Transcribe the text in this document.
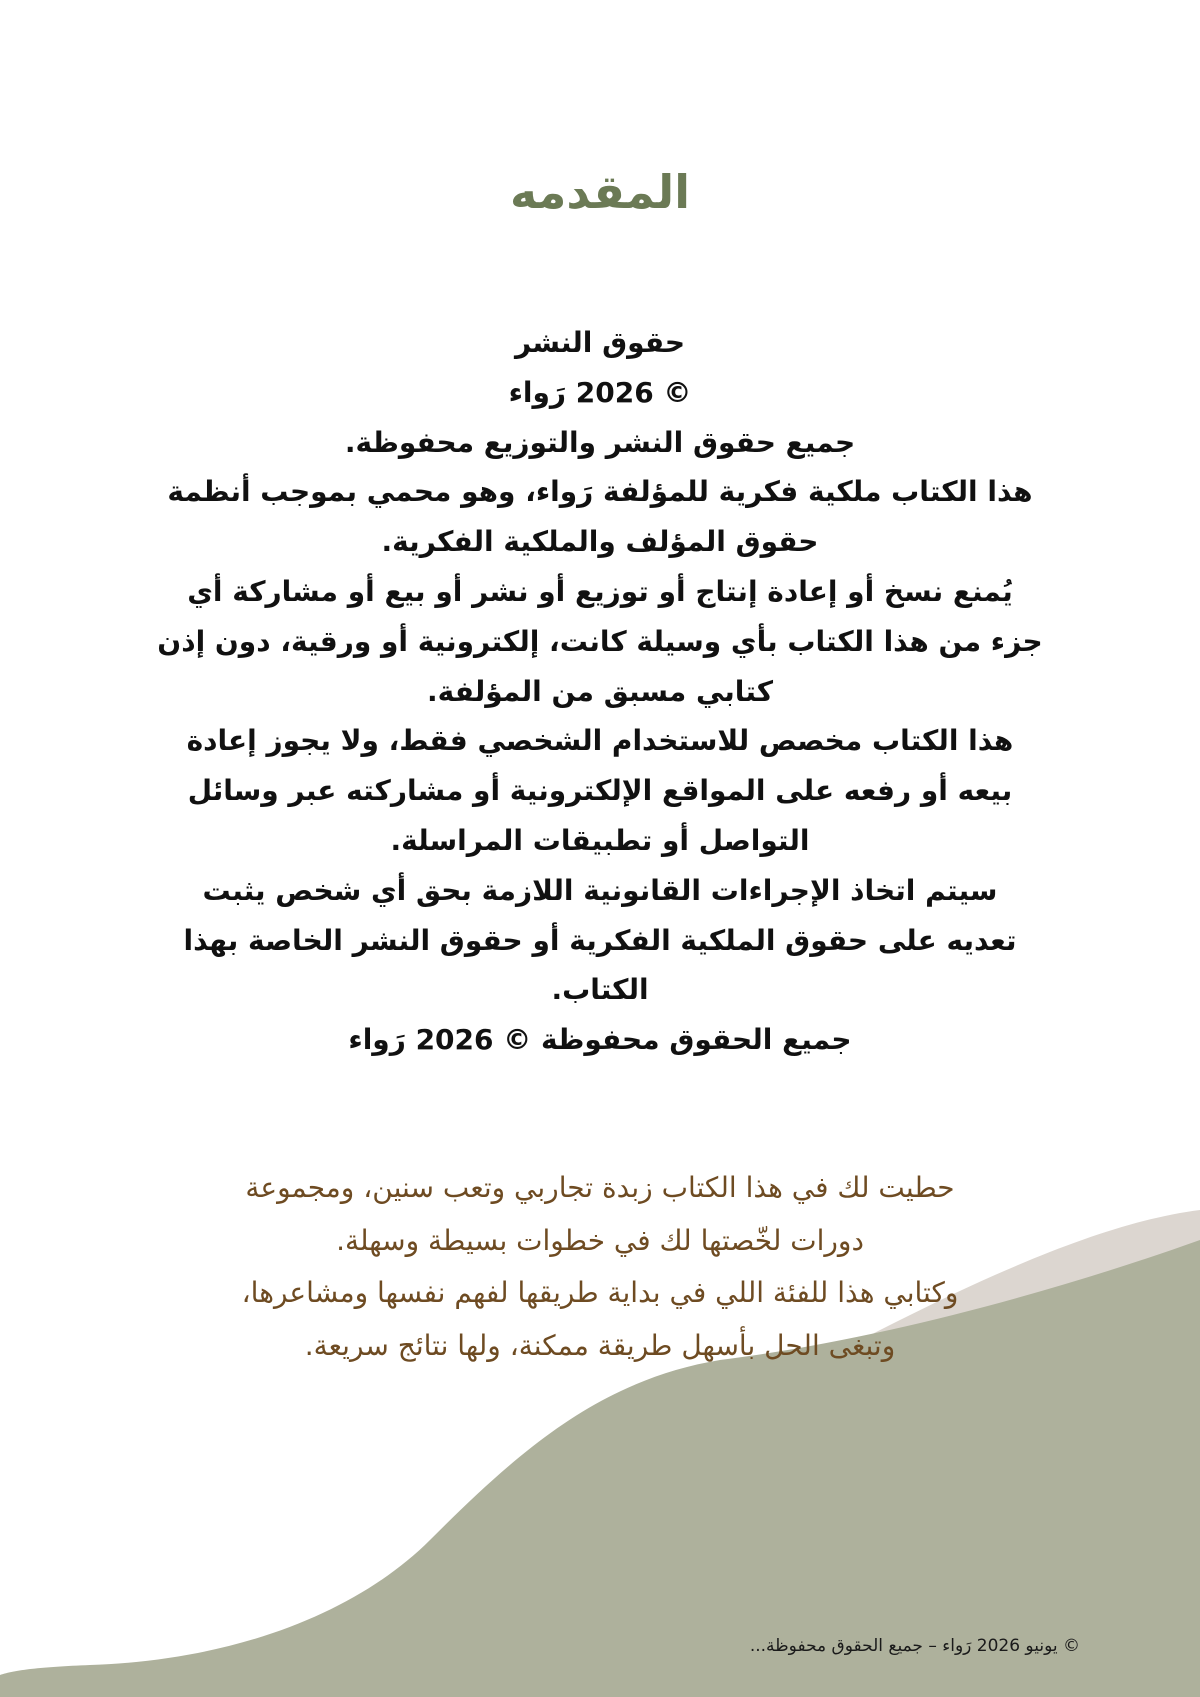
المقدمه
حقوق النشر
© 2026 رَواء
جميع حقوق النشر والتوزيع محفوظة.
هذا الكتاب ملكية فكرية للمؤلفة رَواء، وهو محمي بموجب أنظمة
حقوق المؤلف والملكية الفكرية.
يُمنع نسخ أو إعادة إنتاج أو توزيع أو نشر أو بيع أو مشاركة أي
جزء من هذا الكتاب بأي وسيلة كانت، إلكترونية أو ورقية، دون إذن
كتابي مسبق من المؤلفة.
هذا الكتاب مخصص للاستخدام الشخصي فقط، ولا يجوز إعادة
بيعه أو رفعه على المواقع الإلكترونية أو مشاركته عبر وسائل
التواصل أو تطبيقات المراسلة.
سيتم اتخاذ الإجراءات القانونية اللازمة بحق أي شخص يثبت
تعديه على حقوق الملكية الفكرية أو حقوق النشر الخاصة بهذا
الكتاب.
جميع الحقوق محفوظة © 2026 رَواء
حطيت لك في هذا الكتاب زبدة تجاربي وتعب سنين، ومجموعة
دورات لخّصتها لك في خطوات بسيطة وسهلة.
وكتابي هذا للفئة اللي في بداية طريقها لفهم نفسها ومشاعرها،
وتبغى الحل بأسهل طريقة ممكنة، ولها نتائج سريعة.
© يونيو 2026 رَواء – جميع الحقوق محفوظة...
